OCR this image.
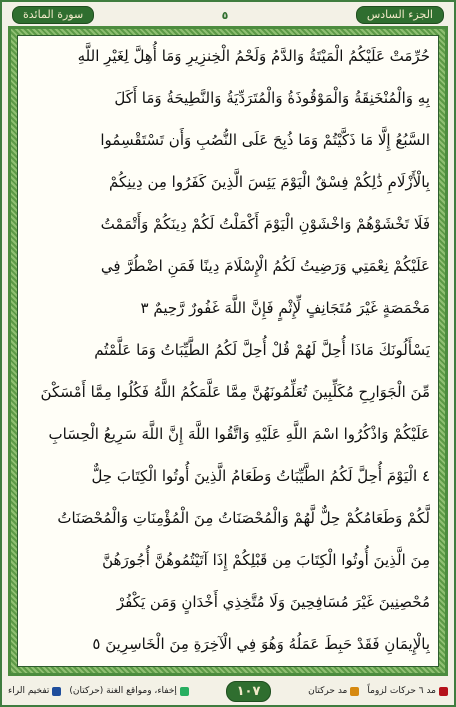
الجزء السادس
٥
سورة المائدة
حُرِّمَتْ عَلَيْكُمُ الْمَيْتَةُ وَالدَّمُ وَلَحْمُ الْخِنزِيرِ وَمَا أُهِلَّ لِغَيْرِ اللَّهِ
بِهِ وَالْمُنْخَنِقَةُ وَالْمَوْقُوذَةُ وَالْمُتَرَدِّيَةُ وَالنَّطِيحَةُ وَمَا أَكَلَ
السَّبُعُ إِلَّا مَا ذَكَّيْتُمْ وَمَا ذُبِحَ عَلَى النُّصُبِ وَأَن تَسْتَقْسِمُوا
بِالْأَزْلَامِ ذَٰلِكُمْ فِسْقٌ الْيَوْمَ يَئِسَ الَّذِينَ كَفَرُوا مِن دِينِكُمْ
فَلَا تَخْشَوْهُمْ وَاخْشَوْنِ الْيَوْمَ أَكْمَلْتُ لَكُمْ دِينَكُمْ وَأَتْمَمْتُ
عَلَيْكُمْ نِعْمَتِي وَرَضِيتُ لَكُمُ الْإِسْلَامَ دِينًا فَمَنِ اضْطُرَّ فِي
مَخْمَصَةٍ غَيْرَ مُتَجَانِفٍ لِّإِثْمٍ فَإِنَّ اللَّهَ غَفُورٌ رَّحِيمٌ ٣
يَسْأَلُونَكَ مَاذَا أُحِلَّ لَهُمْ قُلْ أُحِلَّ لَكُمُ الطَّيِّبَاتُ وَمَا عَلَّمْتُم
مِّنَ الْجَوَارِحِ مُكَلِّبِينَ تُعَلِّمُونَهُنَّ مِمَّا عَلَّمَكُمُ اللَّهُ فَكُلُوا مِمَّا أَمْسَكْنَ
عَلَيْكُمْ وَاذْكُرُوا اسْمَ اللَّهِ عَلَيْهِ وَاتَّقُوا اللَّهَ إِنَّ اللَّهَ سَرِيعُ الْحِسَابِ
٤ الْيَوْمَ أُحِلَّ لَكُمُ الطَّيِّبَاتُ وَطَعَامُ الَّذِينَ أُوتُوا الْكِتَابَ حِلٌّ
لَّكُمْ وَطَعَامُكُمْ حِلٌّ لَّهُمْ وَالْمُحْصَنَاتُ مِنَ الْمُؤْمِنَاتِ وَالْمُحْصَنَاتُ
مِنَ الَّذِينَ أُوتُوا الْكِتَابَ مِن قَبْلِكُمْ إِذَا آتَيْتُمُوهُنَّ أُجُورَهُنَّ
مُحْصِنِينَ غَيْرَ مُسَافِحِينَ وَلَا مُتَّخِذِي أَخْدَانٍ وَمَن يَكْفُرْ
بِالْإِيمَانِ فَقَدْ حَبِطَ عَمَلُهُ وَهُوَ فِي الْآخِرَةِ مِنَ الْخَاسِرِينَ ٥
مد ٦ حركات لزوماً
مد حركتان
١٠٧
إخفاء، ومواقع الغنة (حركتان)
تفخيم الراء
